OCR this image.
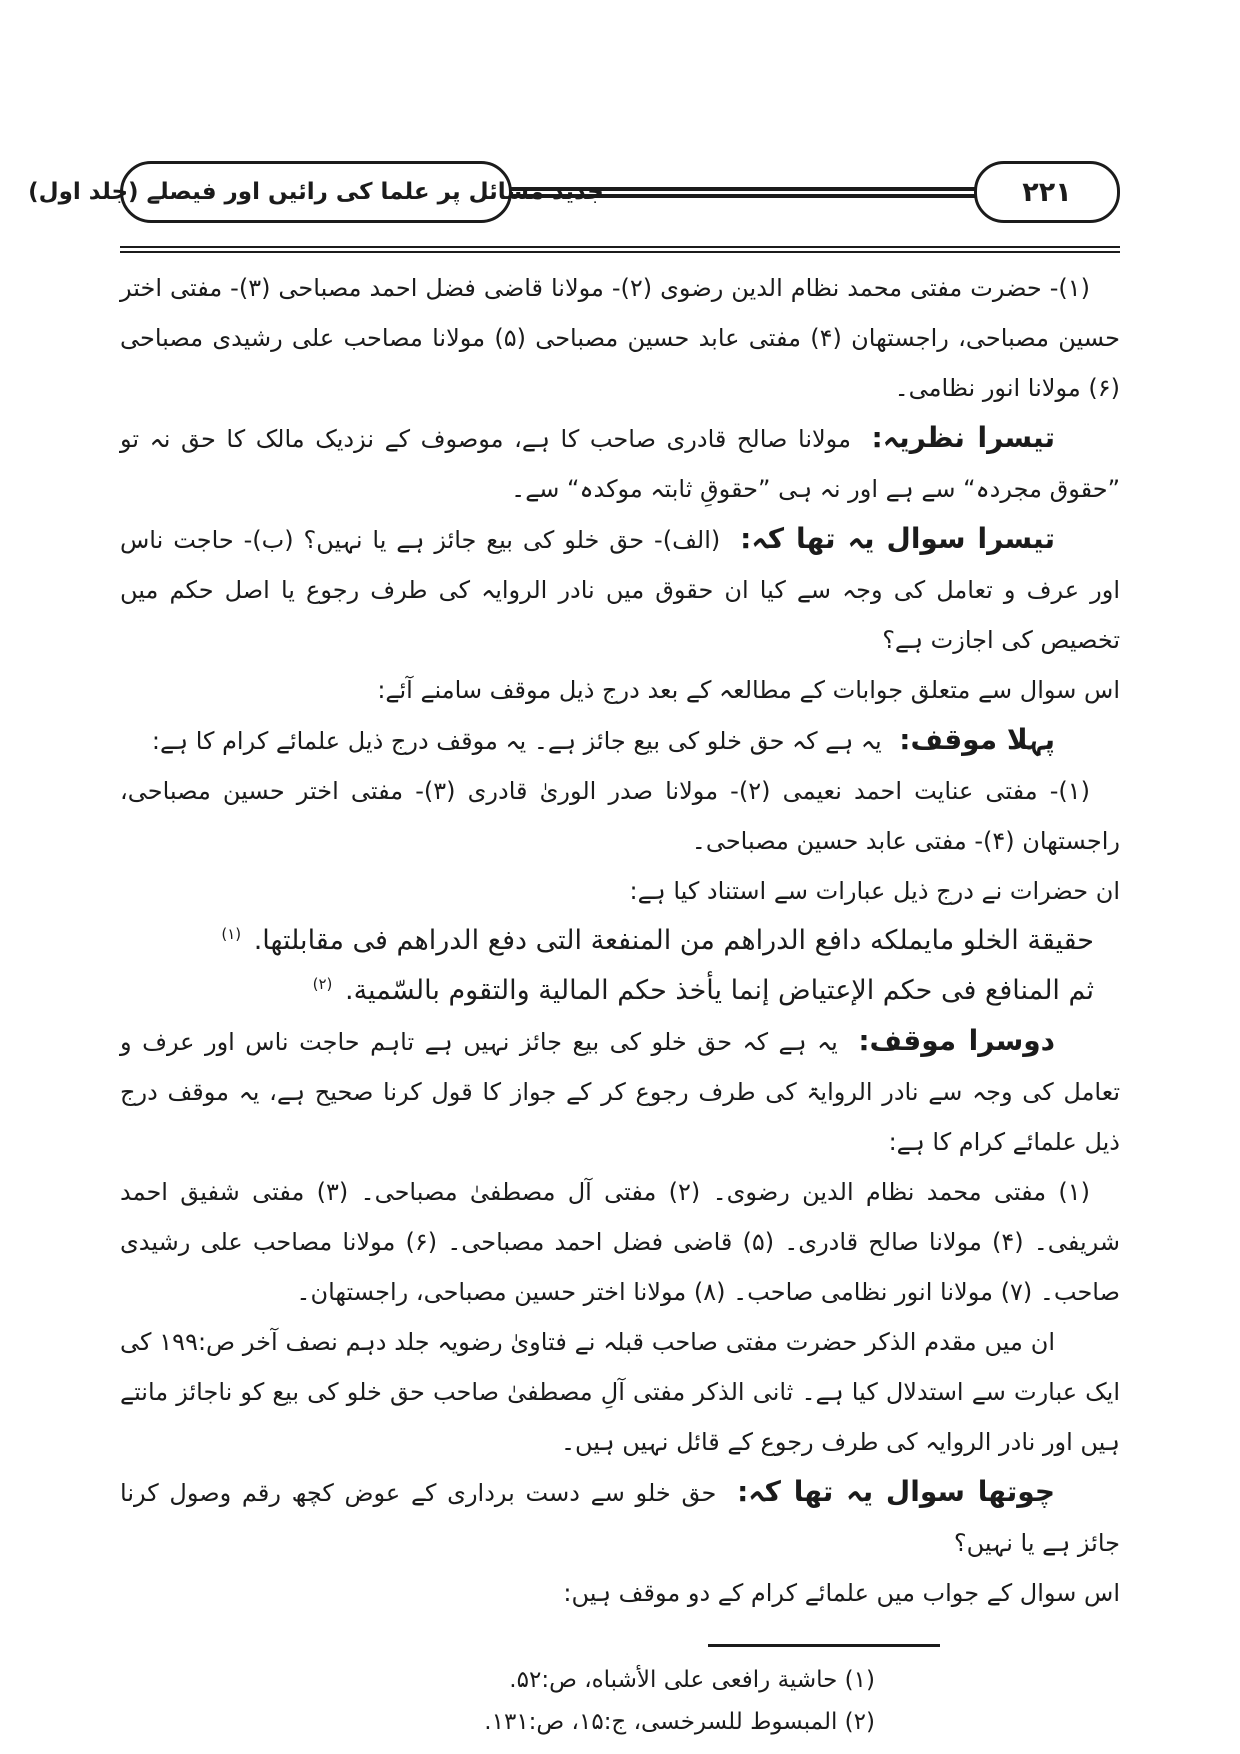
جدید مسائل پر علما کی رائیں اور فیصلے (جلد اول)	۲۲۱

(۱)- حضرت مفتی محمد نظام الدین رضوی (۲)- مولانا قاضی فضل احمد مصباحی (۳)- مفتی اختر حسین مصباحی، راجستھان (۴) مفتی عابد حسین مصباحی (۵) مولانا مصاحب علی رشیدی مصباحی (۶) مولانا انور نظامی۔

تیسرا نظریہ: مولانا صالح قادری صاحب کا ہے، موصوف کے نزدیک مالک کا حق نہ تو ”حقوق مجردہ“ سے ہے اور نہ ہی ”حقوقِ ثابتہ موکدہ“ سے۔

تیسرا سوال یہ تھا کہ: (الف)- حق خلو کی بیع جائز ہے یا نہیں؟ (ب)- حاجت ناس اور عرف و تعامل کی وجہ سے کیا ان حقوق میں نادر الروایہ کی طرف رجوع یا اصل حکم میں تخصیص کی اجازت ہے؟

اس سوال سے متعلق جوابات کے مطالعہ کے بعد درج ذیل موقف سامنے آئے:

پہلا موقف: یہ ہے کہ حق خلو کی بیع جائز ہے۔ یہ موقف درج ذیل علمائے کرام کا ہے:

(۱)- مفتی عنایت احمد نعیمی (۲)- مولانا صدر الوریٰ قادری (۳)- مفتی اختر حسین مصباحی، راجستھان (۴)- مفتی عابد حسین مصباحی۔

ان حضرات نے درج ذیل عبارات سے استناد کیا ہے:

حقيقة الخلو مايملكه دافع الدراهم من المنفعة التى دفع الدراهم فى مقابلتها. $^{(۱)}$

ثم المنافع فى حكم الإعتياض إنما يأخذ حكم المالية والتقوم بالسّمية. $^{(۲)}$

دوسرا موقف: یہ ہے کہ حق خلو کی بیع جائز نہیں ہے تاہم حاجت ناس اور عرف و تعامل کی وجہ سے نادر الروایۃ کی طرف رجوع کر کے جواز کا قول کرنا صحیح ہے، یہ موقف درج ذیل علمائے کرام کا ہے:

(۱) مفتی محمد نظام الدین رضوی۔ (۲) مفتی آل مصطفیٰ مصباحی۔ (۳) مفتی شفیق احمد شریفی۔ (۴) مولانا صالح قادری۔ (۵) قاضی فضل احمد مصباحی۔ (۶) مولانا مصاحب علی رشیدی صاحب۔ (۷) مولانا انور نظامی صاحب۔ (۸) مولانا اختر حسین مصباحی، راجستھان۔

ان میں مقدم الذکر حضرت مفتی صاحب قبلہ نے فتاویٰ رضویہ جلد دہم نصف آخر ص:۱۹۹ کی ایک عبارت سے استدلال کیا ہے۔ ثانی الذکر مفتی آلِ مصطفیٰ صاحب حق خلو کی بیع کو ناجائز مانتے ہیں اور نادر الروایہ کی طرف رجوع کے قائل نہیں ہیں۔

چوتھا سوال یہ تھا کہ: حق خلو سے دست برداری کے عوض کچھ رقم وصول کرنا جائز ہے یا نہیں؟

اس سوال کے جواب میں علمائے کرام کے دو موقف ہیں:

(۱) حاشیة رافعی علی الأشباه، ص:۵۲.

(۲) المبسوط للسرخسی، ج:۱۵، ص:۱۳۱.
